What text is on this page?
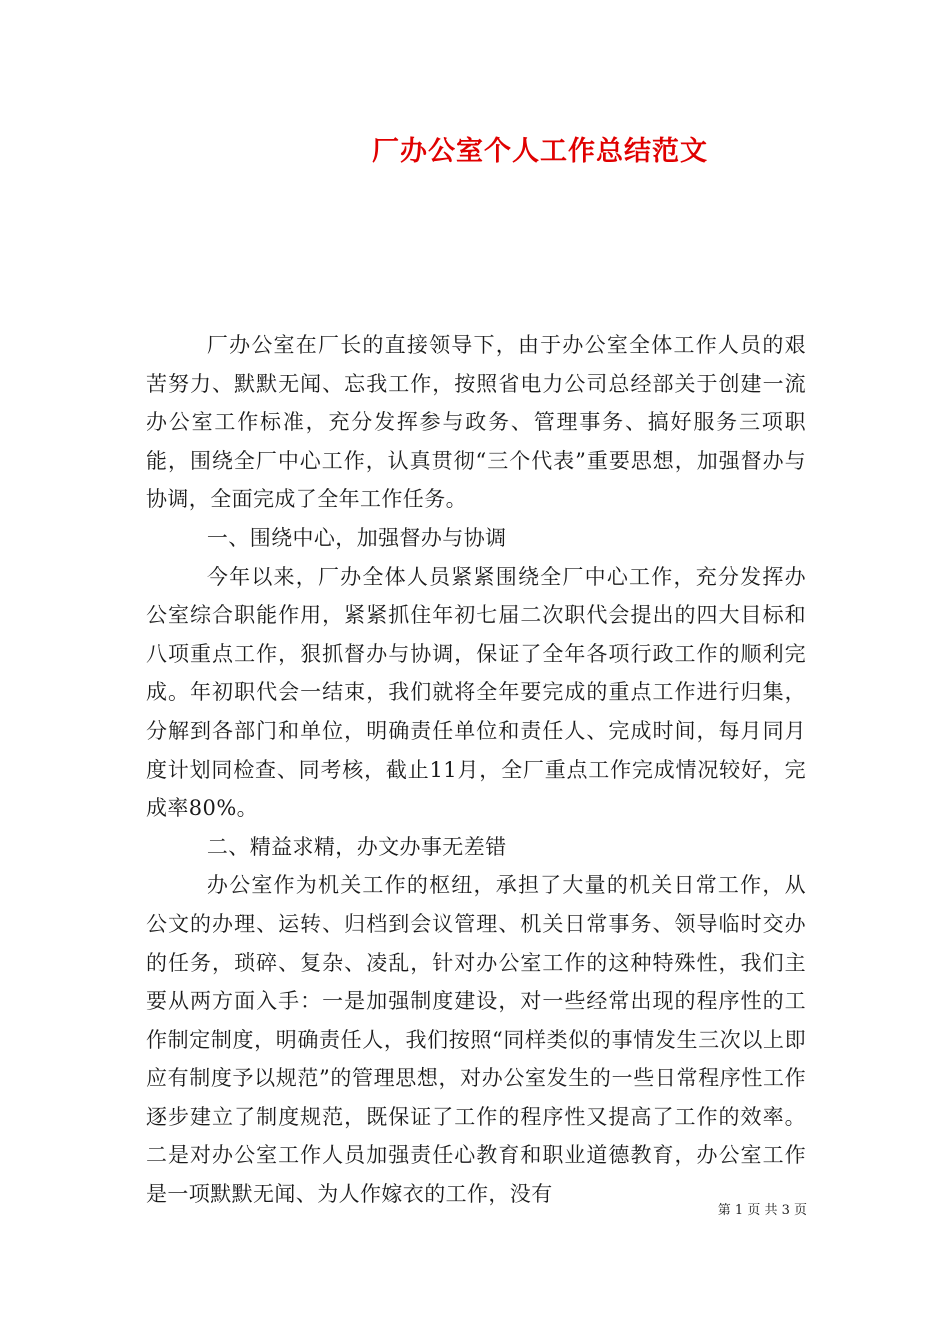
厂办公室个人工作总结范文

厂办公室在厂长的直接领导下，由于办公室全体工作人员的艰苦努力、默默无闻、忘我工作，按照省电力公司总经部关于创建一流办公室工作标准，充分发挥参与政务、管理事务、搞好服务三项职能，围绕全厂中心工作，认真贯彻“三个代表”重要思想，加强督办与协调，全面完成了全年工作任务。

一、围绕中心，加强督办与协调

今年以来，厂办全体人员紧紧围绕全厂中心工作，充分发挥办公室综合职能作用，紧紧抓住年初七届二次职代会提出的四大目标和八项重点工作，狠抓督办与协调，保证了全年各项行政工作的顺利完成。年初职代会一结束，我们就将全年要完成的重点工作进行归集，分解到各部门和单位，明确责任单位和责任人、完成时间，每月同月度计划同检查、同考核，截止11月，全厂重点工作完成情况较好，完成率80%。

二、精益求精，办文办事无差错

办公室作为机关工作的枢纽，承担了大量的机关日常工作，从公文的办理、运转、归档到会议管理、机关日常事务、领导临时交办的任务，琐碎、复杂、凌乱，针对办公室工作的这种特殊性，我们主要从两方面入手：一是加强制度建设，对一些经常出现的程序性的工作制定制度，明确责任人，我们按照“同样类似的事情发生三次以上即应有制度予以规范”的管理思想，对办公室发生的一些日常程序性工作逐步建立了制度规范，既保证了工作的程序性又提高了工作的效率。二是对办公室工作人员加强责任心教育和职业道德教育，办公室工作是一项默默无闻、为人作嫁衣的工作，没有

第 1 页 共 3 页
